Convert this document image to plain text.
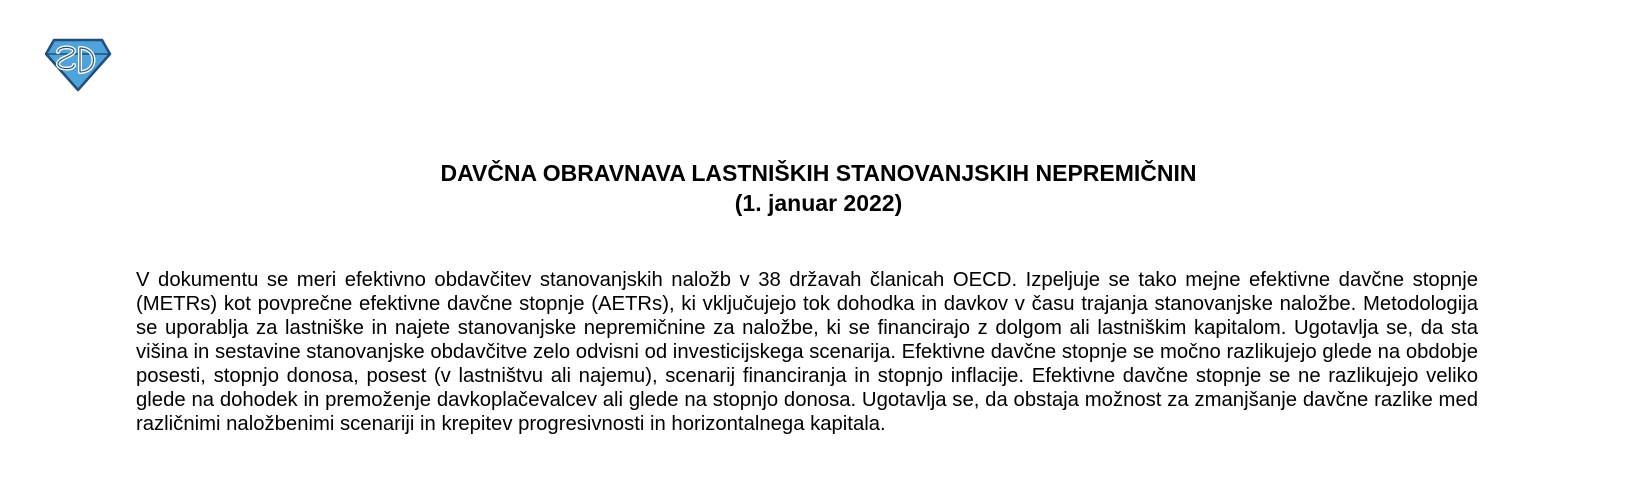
DAVČNA OBRAVNAVA LASTNIŠKIH STANOVANJSKIH NEPREMIČNIN
(1. januar 2022)

V dokumentu se meri efektivno obdavčitev stanovanjskih naložb v 38 državah članicah OECD. Izpeljuje se tako mejne efektivne davčne stopnje (METRs) kot povprečne efektivne davčne stopnje (AETRs), ki vključujejo tok dohodka in davkov v času trajanja stanovanjske naložbe. Metodologija se uporablja za lastniške in najete stanovanjske nepremičnine za naložbe, ki se financirajo z dolgom ali lastniškim kapitalom. Ugotavlja se, da sta višina in sestavine stanovanjske obdavčitve zelo odvisni od investicijskega scenarija. Efektivne davčne stopnje se močno razlikujejo glede na obdobje posesti, stopnjo donosa, posest (v lastništvu ali najemu), scenarij financiranja in stopnjo inflacije. Efektivne davčne stopnje se ne razlikujejo veliko glede na dohodek in premoženje davkoplačevalcev ali glede na stopnjo donosa. Ugotavlja se, da obstaja možnost za zmanjšanje davčne razlike med različnimi naložbenimi scenariji in krepitev progresivnosti in horizontalnega kapitala.
